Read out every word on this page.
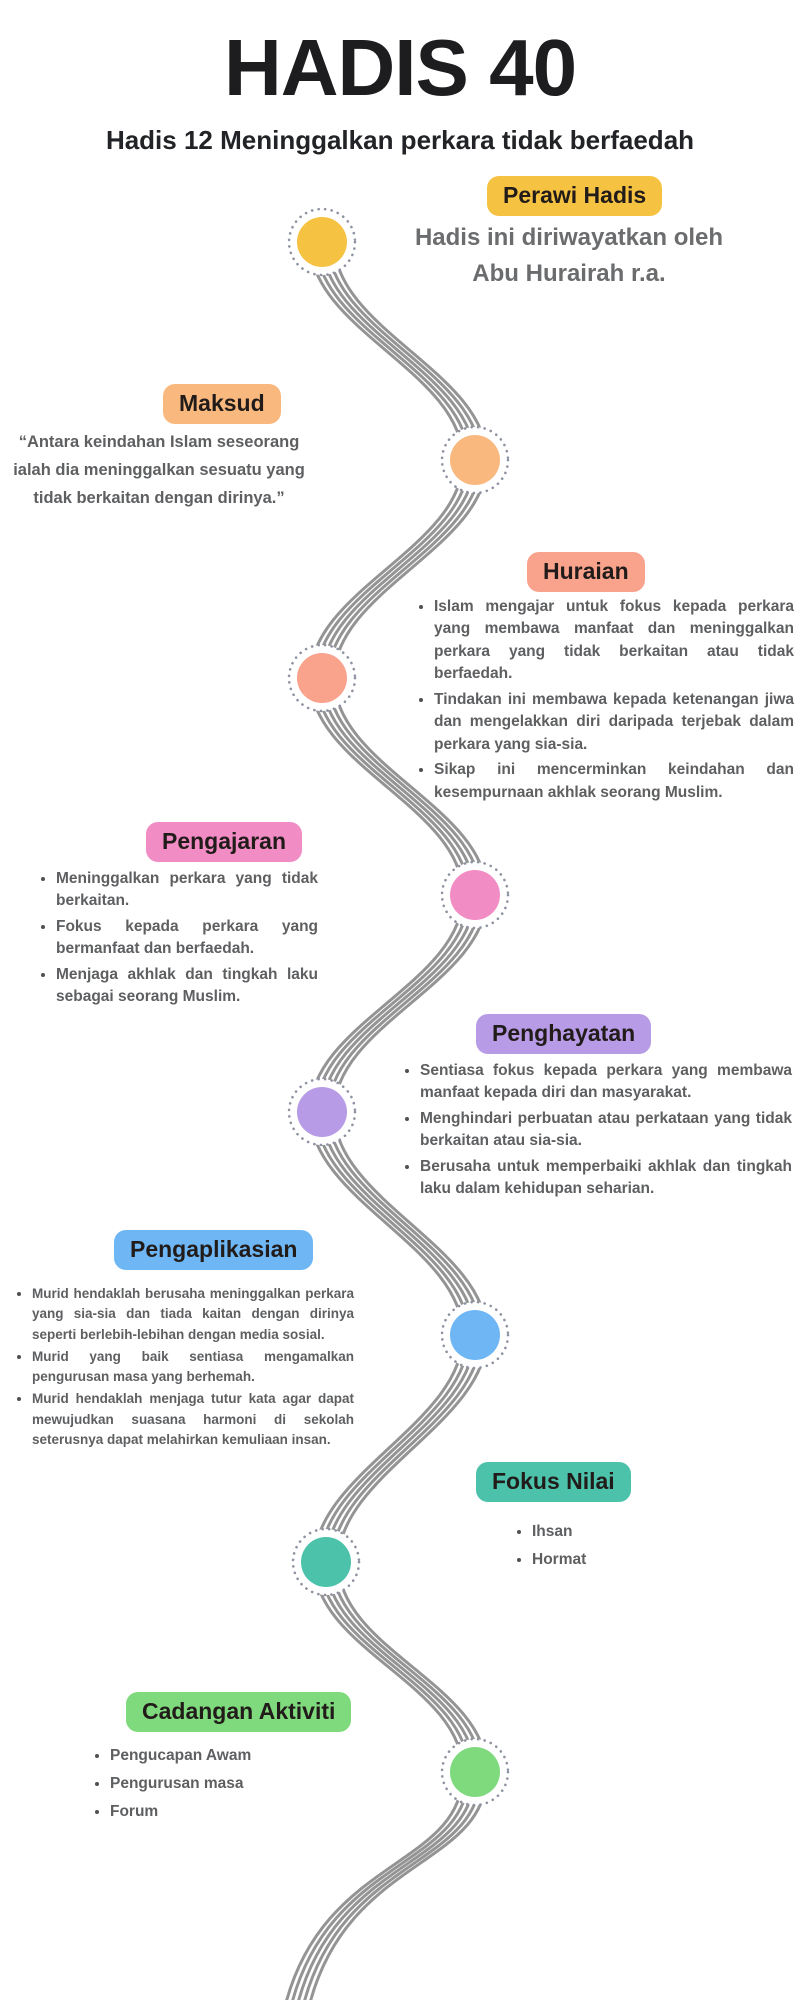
HADIS 40
Hadis 12 Meninggalkan perkara tidak berfaedah
Perawi Hadis

Hadis ini diriwayatkan oleh Abu Hurairah r.a.

Maksud

“Antara keindahan Islam seseorang ialah dia meninggalkan sesuatu yang tidak berkaitan dengan dirinya.”

Huraian
• Islam mengajar untuk fokus kepada perkara yang membawa manfaat dan meninggalkan perkara yang tidak berkaitan atau tidak berfaedah.
• Tindakan ini membawa kepada ketenangan jiwa dan mengelakkan diri daripada terjebak dalam perkara yang sia-sia.
• Sikap ini mencerminkan keindahan dan kesempurnaan akhlak seorang Muslim.
Pengajaran
• Meninggalkan perkara yang tidak berkaitan.
• Fokus kepada perkara yang bermanfaat dan berfaedah.
• Menjaga akhlak dan tingkah laku sebagai seorang Muslim.
Penghayatan
• Sentiasa fokus kepada perkara yang membawa manfaat kepada diri dan masyarakat.
• Menghindari perbuatan atau perkataan yang tidak berkaitan atau sia-sia.
• Berusaha untuk memperbaiki akhlak dan tingkah laku dalam kehidupan seharian.
Pengaplikasian
• Murid hendaklah berusaha meninggalkan perkara yang sia-sia dan tiada kaitan dengan dirinya seperti berlebih-lebihan dengan media sosial.
• Murid yang baik sentiasa mengamalkan pengurusan masa yang berhemah.
• Murid hendaklah menjaga tutur kata agar dapat mewujudkan suasana harmoni di sekolah seterusnya dapat melahirkan kemuliaan insan.
Fokus Nilai
• Ihsan
• Hormat
Cadangan Aktiviti
• Pengucapan Awam
• Pengurusan masa
• Forum
